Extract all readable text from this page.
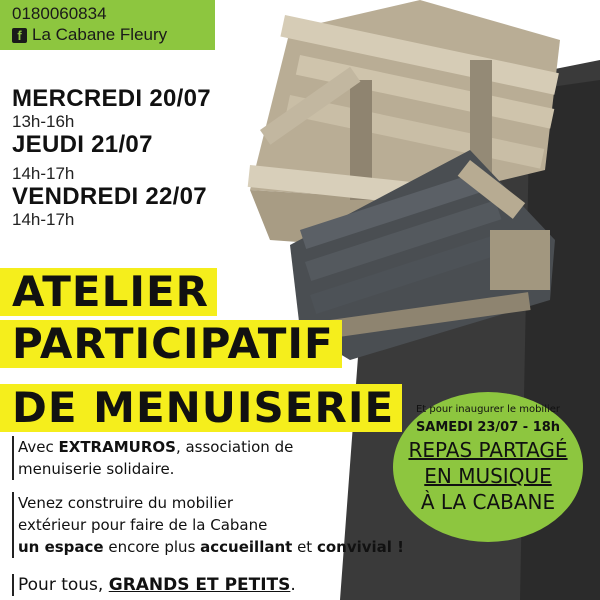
0180060834
f La Cabane Fleury
MERCREDI 20/07
13h-16h
JEUDI 21/07
14h-17h
VENDREDI 22/07
14h-17h
ATELIER
PARTICIPATIF
DE MENUISERIE
Avec EXTRAMUROS, association de
menuiserie solidaire.
Venez construire du mobilier
extérieur pour faire de la Cabane
un espace encore plus accueillant et convivial !
Pour tous, GRANDS ET PETITS.
Et pour inaugurer le mobilier
SAMEDI 23/07 - 18h
REPAS PARTAGÉ
EN MUSIQUE
À LA CABANE
